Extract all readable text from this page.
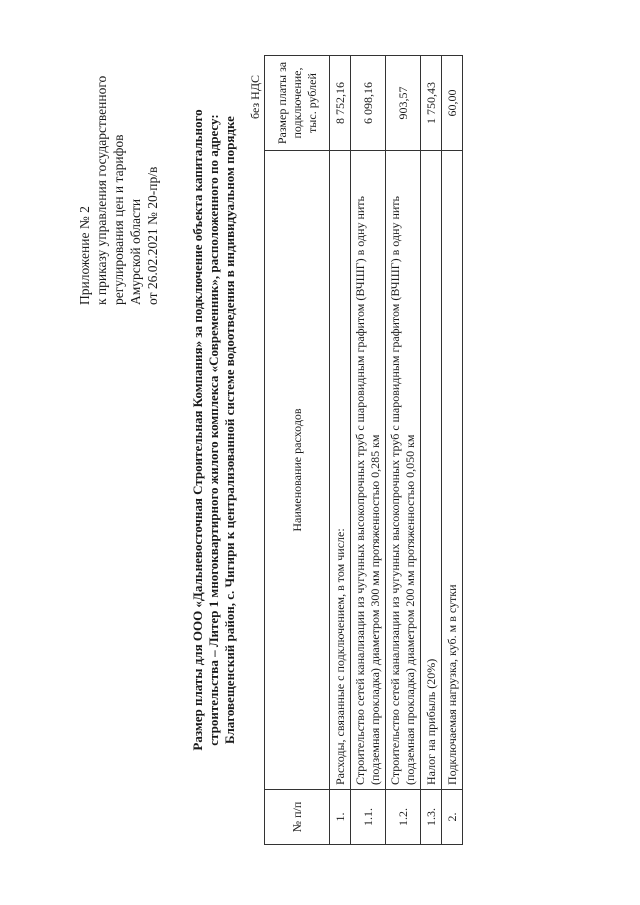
Приложение № 2 к приказу управления государственного регулирования цен и тарифов Амурской области от 26.02.2021 № 20-пр/в Размер платы для ООО «Дальневосточная Строительная Компания» за подключение объекта капитального строительства – Литер 1 многоквартирного жилого комплекса «Современник», расположенного по адресу: Благовещенский район, с. Чигири к централизованной системе водоотведения в индивидуальном порядке
без НДС
№ п/п	Наименование расходов	Размер платы за подключение, тыс. рублей
1.	Расходы, связанные с подключением, в том числе:	8 752,16
1.1.	Строительство сетей канализации из чугунных высокопрочных труб с шаровидным графитом (ВЧШГ) в одну нить (подземная прокладка) диаметром 300 мм протяженностью 0,285 км	6 098,16
1.2.	Строительство сетей канализации из чугунных высокопрочных труб с шаровидным графитом (ВЧШГ) в одну нить (подземная прокладка) диаметром 200 мм протяженностью 0,050 км	903,57
1.3.	Налог на прибыль (20%)	1 750,43
2.	Подключаемая нагрузка, куб. м в сутки	60,00
